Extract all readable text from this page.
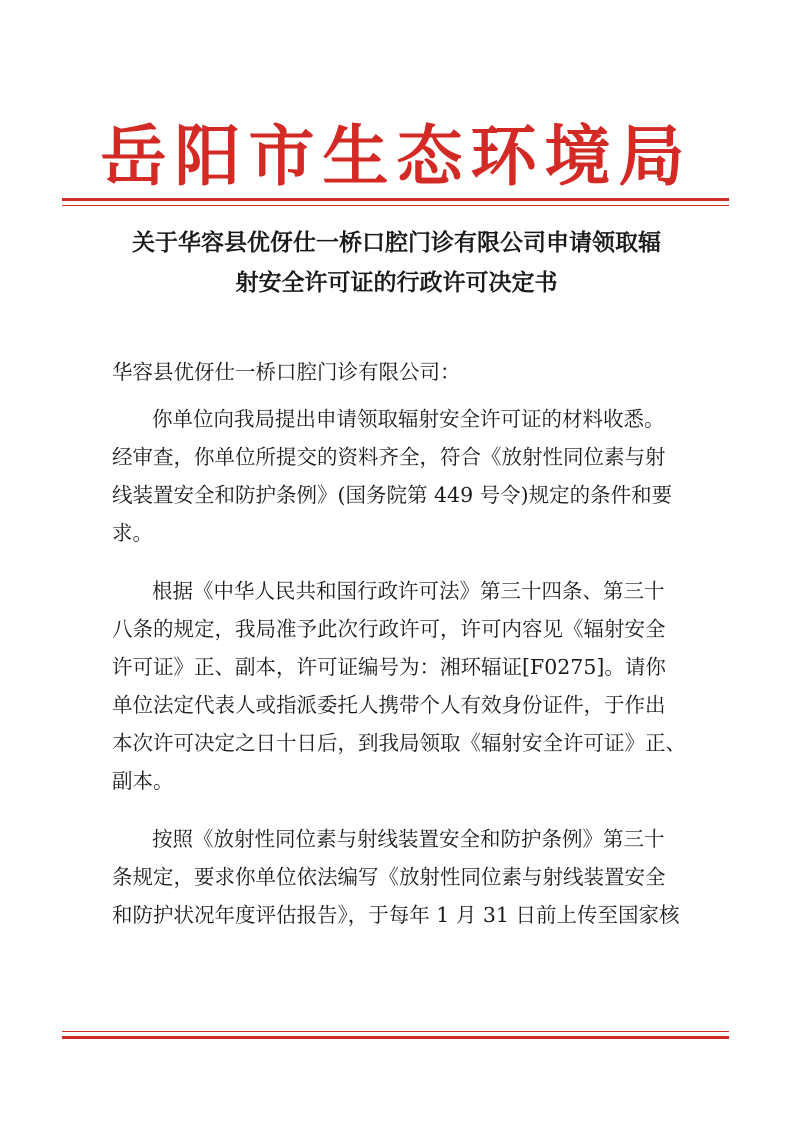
岳阳市生态环境局
关于华容县优伢仕一桥口腔门诊有限公司申请领取辐
射安全许可证的行政许可决定书

华容县优伢仕一桥口腔门诊有限公司：

你单位向我局提出申请领取辐射安全许可证的材料收悉。
经审查，你单位所提交的资料齐全，符合《放射性同位素与射
线装置安全和防护条例》(国务院第 449 号令)规定的条件和要
求。

根据《中华人民共和国行政许可法》第三十四条、第三十
八条的规定，我局准予此次行政许可，许可内容见《辐射安全
许可证》正、副本，许可证编号为：湘环辐证[F0275]。请你
单位法定代表人或指派委托人携带个人有效身份证件，于作出
本次许可决定之日十日后，到我局领取《辐射安全许可证》正、
副本。

按照《放射性同位素与射线装置安全和防护条例》第三十
条规定，要求你单位依法编写《放射性同位素与射线装置安全
和防护状况年度评估报告》，于每年 1 月 31 日前上传至国家核
